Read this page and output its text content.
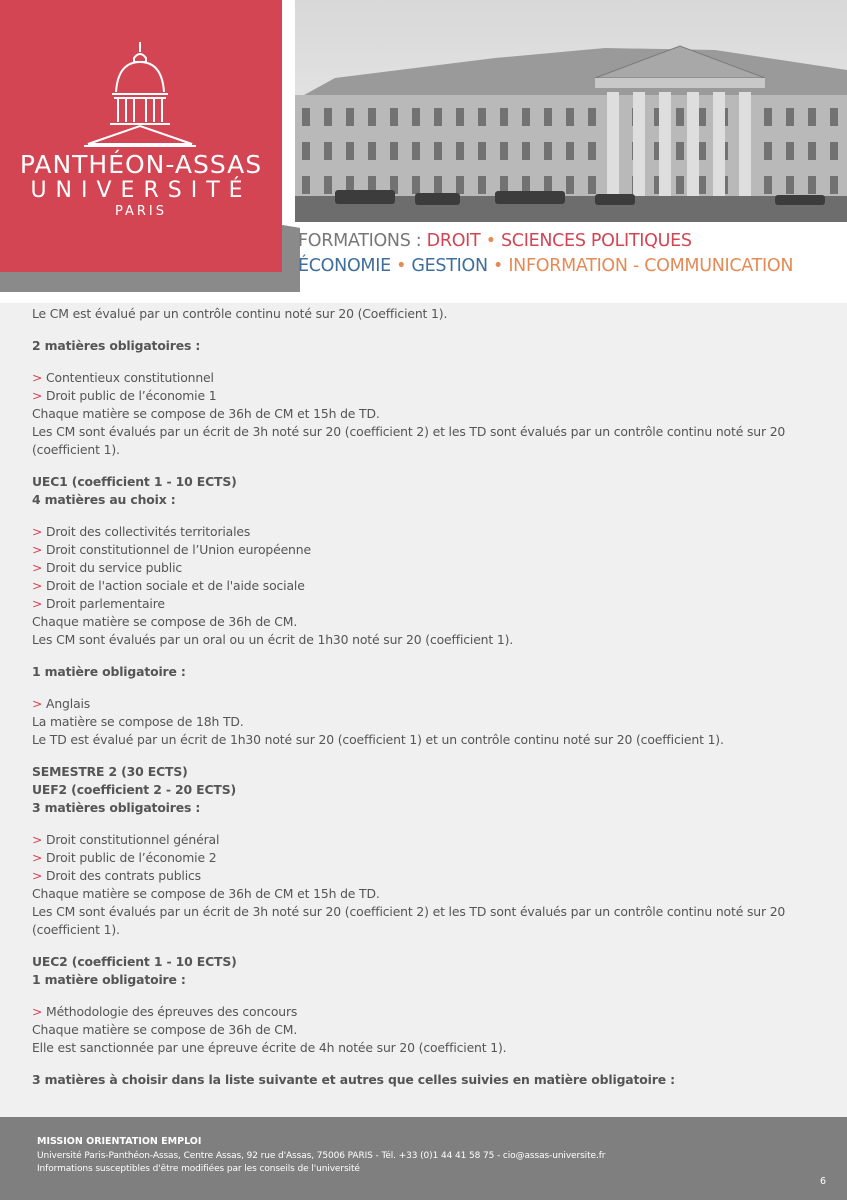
PANTHÉON-ASSAS
UNIVERSITÉ
PARIS
FORMATIONS : DROIT • SCIENCES POLITIQUES
ÉCONOMIE • GESTION • INFORMATION - COMMUNICATION

Le CM est évalué par un contrôle continu noté sur 20 (Coefficient 1).

2 matières obligatoires :

> Contentieux constitutionnel

> Droit public de l’économie 1

Chaque matière se compose de 36h de CM et 15h de TD.

Les CM sont évalués par un écrit de 3h noté sur 20 (coefficient 2) et les TD sont évalués par un contrôle continu noté sur 20

(coefficient 1).

UEC1 (coefficient 1 - 10 ECTS)

4 matières au choix :

> Droit des collectivités territoriales

> Droit constitutionnel de l’Union européenne

> Droit du service public

> Droit de l'action sociale et de l'aide sociale

> Droit parlementaire

Chaque matière se compose de 36h de CM.

Les CM sont évalués par un oral ou un écrit de 1h30 noté sur 20 (coefficient 1).

1 matière obligatoire :

> Anglais

La matière se compose de 18h TD.

Le TD est évalué par un écrit de 1h30 noté sur 20 (coefficient 1) et un contrôle continu noté sur 20 (coefficient 1).

SEMESTRE 2 (30 ECTS)

UEF2 (coefficient 2 - 20 ECTS)

3 matières obligatoires :

> Droit constitutionnel général

> Droit public de l’économie 2

> Droit des contrats publics

Chaque matière se compose de 36h de CM et 15h de TD.

Les CM sont évalués par un écrit de 3h noté sur 20 (coefficient 2) et les TD sont évalués par un contrôle continu noté sur 20

(coefficient 1).

UEC2 (coefficient 1 - 10 ECTS)

1 matière obligatoire :

> Méthodologie des épreuves des concours

Chaque matière se compose de 36h de CM.

Elle est sanctionnée par une épreuve écrite de 4h notée sur 20 (coefficient 1).

3 matières à choisir dans la liste suivante et autres que celles suivies en matière obligatoire :

MISSION ORIENTATION EMPLOI
Université Paris-Panthéon-Assas, Centre Assas, 92 rue d'Assas, 75006 PARIS - Tél. +33 (0)1 44 41 58 75 - cio@assas-universite.fr
Informations susceptibles d'être modifiées par les conseils de l'université
6
